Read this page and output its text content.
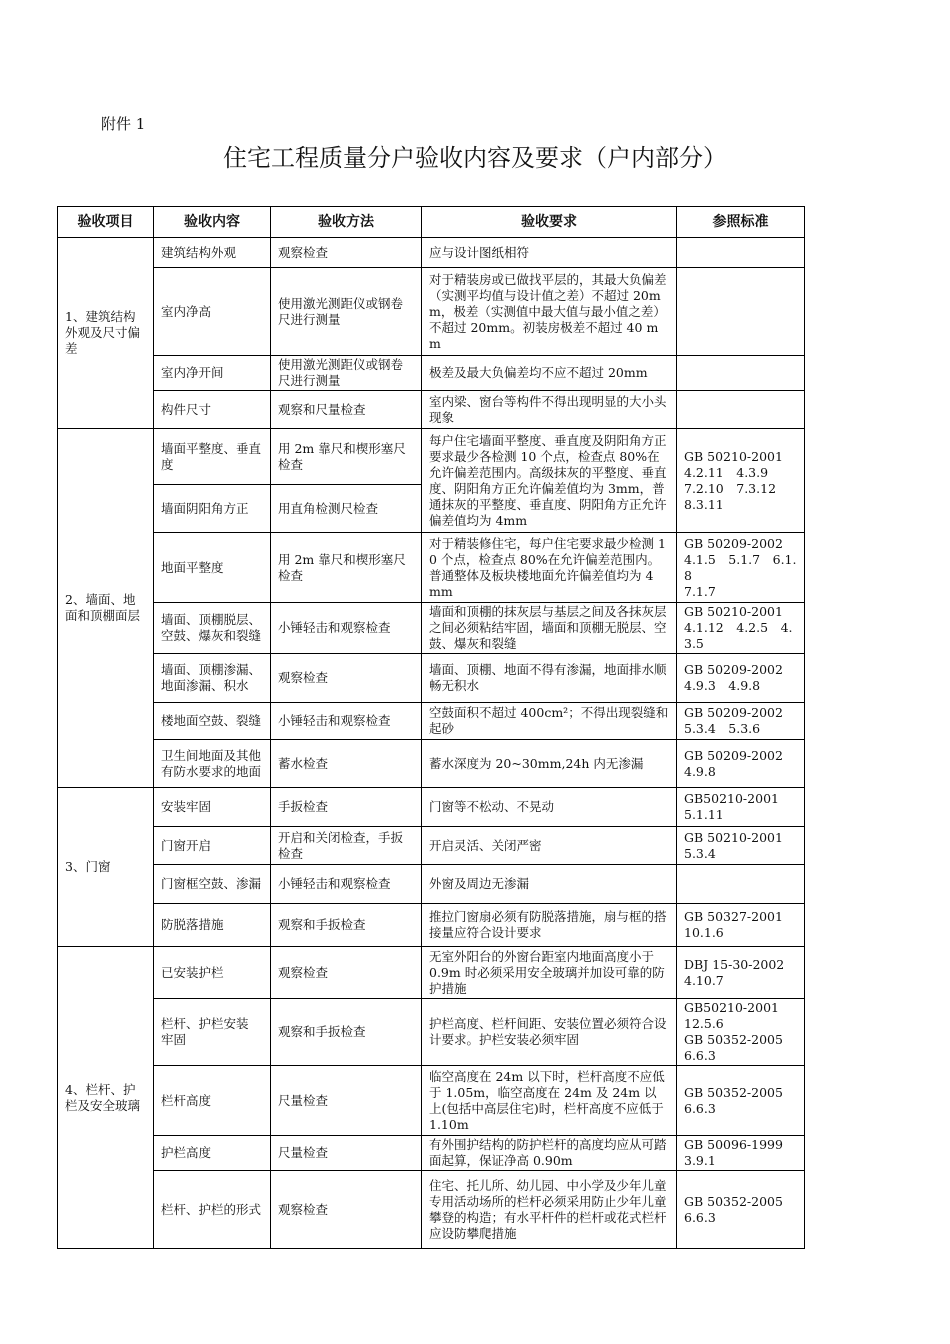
附件 1
住宅工程质量分户验收内容及要求（户内部分）
验收项目	验收内容	验收方法	验收要求	参照标准
1、建筑结构外观及尺寸偏差	建筑结构外观	观察检查	应与设计图纸相符	
	室内净高	使用激光测距仪或钢卷尺进行测量	对于精装房或已做找平层的，其最大负偏差（实测平均值与设计值之差）不超过 20mm，极差（实测值中最大值与最小值之差）不超过 20mm。初装房极差不超过 40 mm	
	室内净开间	使用激光测距仪或钢卷尺进行测量	极差及最大负偏差均不应不超过 20mm	
	构件尺寸	观察和尺量检查	室内梁、窗台等构件不得出现明显的大小头现象	
2、墙面、地面和顶棚面层	墙面平整度、垂直度	用 2m 靠尺和楔形塞尺检查	每户住宅墙面平整度、垂直度及阴阳角方正要求最少各检测 10 个点，检查点 80%在允许偏差范围内。高级抹灰的平整度、垂直度、阴阳角方正允许偏差值均为 3mm，普通抹灰的平整度、垂直度、阴阳角方正允许偏差值均为 4mm	GB 50210-2001
4.2.11　4.3.9
7.2.10　7.3.12
8.3.11
	墙面阴阳角方正	用直角检测尺检查		
	地面平整度	用 2m 靠尺和楔形塞尺检查	对于精装修住宅，每户住宅要求最少检测 10 个点，检查点 80%在允许偏差范围内。普通整体及板块楼地面允许偏差值均为 4 mm	GB 50209-2002
4.1.5　5.1.7　6.1.8
7.1.7
	墙面、顶棚脱层、空鼓、爆灰和裂缝	小锤轻击和观察检查	墙面和顶棚的抹灰层与基层之间及各抹灰层之间必须粘结牢固，墙面和顶棚无脱层、空鼓、爆灰和裂缝	GB 50210-2001
4.1.12　4.2.5　4.3.5
	墙面、顶棚渗漏、地面渗漏、积水	观察检查	墙面、顶棚、地面不得有渗漏，地面排水顺畅无积水	GB 50209-2002
4.9.3　4.9.8
	楼地面空鼓、裂缝	小锤轻击和观察检查	空鼓面积不超过 400cm²；不得出现裂缝和起砂	GB 50209-2002
5.3.4　5.3.6
	卫生间地面及其他有防水要求的地面	蓄水检查	蓄水深度为 20~30mm,24h 内无渗漏	GB 50209-2002
4.9.8
3、门窗	安装牢固	手扳检查	门窗等不松动、不晃动	GB50210-2001
5.1.11
	门窗开启	开启和关闭检查，手扳检查	开启灵活、关闭严密	GB 50210-2001
5.3.4
	门窗框空鼓、渗漏	小锤轻击和观察检查	外窗及周边无渗漏	
	防脱落措施	观察和手扳检查	推拉门窗扇必须有防脱落措施，扇与框的搭接量应符合设计要求	GB 50327-2001
10.1.6
4、栏杆、护栏及安全玻璃	已安装护栏	观察检查	无室外阳台的外窗台距室内地面高度小于 0.9m 时必须采用安全玻璃并加设可靠的防护措施	DBJ 15-30-2002
4.10.7
	栏杆、护栏安装　牢固	观察和手扳检查	护栏高度、栏杆间距、安装位置必须符合设计要求。护栏安装必须牢固	GB50210-2001
12.5.6
GB 50352-2005
6.6.3
	栏杆高度	尺量检查	临空高度在 24m 以下时，栏杆高度不应低于 1.05m，临空高度在 24m 及 24m 以上(包括中高层住宅)时，栏杆高度不应低于 1.10m	GB 50352-2005
6.6.3
	护栏高度	尺量检查	有外围护结构的防护栏杆的高度均应从可踏面起算，保证净高 0.90m	GB 50096-1999
3.9.1
	栏杆、护栏的形式	观察检查	住宅、托儿所、幼儿园、中小学及少年儿童专用活动场所的栏杆必须采用防止少年儿童攀登的构造；有水平杆件的栏杆或花式栏杆应设防攀爬措施	GB 50352-2005
6.6.3
